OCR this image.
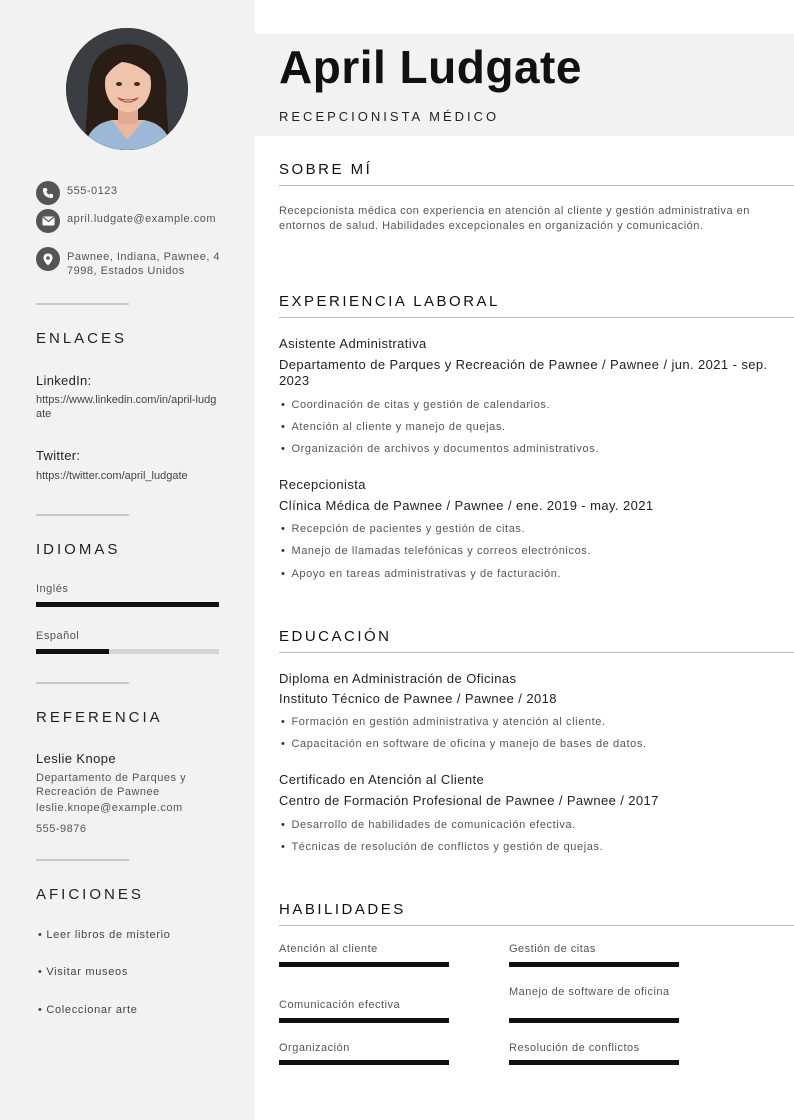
555-0123
april.ludgate@example.com
Pawnee, Indiana, Pawnee, 47998, Estados Unidos
ENLACES
LinkedIn:
https://www.linkedin.com/in/april-ludgate
Twitter:
https://twitter.com/april_ludgate
IDIOMAS
Inglés
Español
REFERENCIA
Leslie Knope
Departamento de Parques y Recreación de Pawnee
leslie.knope@example.com
555-9876
AFICIONES
• Leer libros de misterio
• Visitar museos
• Coleccionar arte
April Ludgate
RECEPCIONISTA MÉDICO
SOBRE MÍ
Recepcionista médica con experiencia en atención al cliente y gestión administrativa en entornos de salud. Habilidades excepcionales en organización y comunicación.
EXPERIENCIA LABORAL
Asistente Administrativa
Departamento de Parques y Recreación de Pawnee / Pawnee / jun. 2021 - sep. 2023
• Coordinación de citas y gestión de calendarios.
• Atención al cliente y manejo de quejas.
• Organización de archivos y documentos administrativos.
Recepcionista
Clínica Médica de Pawnee / Pawnee / ene. 2019 - may. 2021
• Recepción de pacientes y gestión de citas.
• Manejo de llamadas telefónicas y correos electrónicos.
• Apoyo en tareas administrativas y de facturación.
EDUCACIÓN
Diploma en Administración de Oficinas
Instituto Técnico de Pawnee / Pawnee / 2018
• Formación en gestión administrativa y atención al cliente.
• Capacitación en software de oficina y manejo de bases de datos.
Certificado en Atención al Cliente
Centro de Formación Profesional de Pawnee / Pawnee / 2017
• Desarrollo de habilidades de comunicación efectiva.
• Técnicas de resolución de conflictos y gestión de quejas.
HABILIDADES
Atención al cliente	Gestión de citas
Comunicación efectiva
Manejo de software de oficina
Organización	Resolución de conflictos
